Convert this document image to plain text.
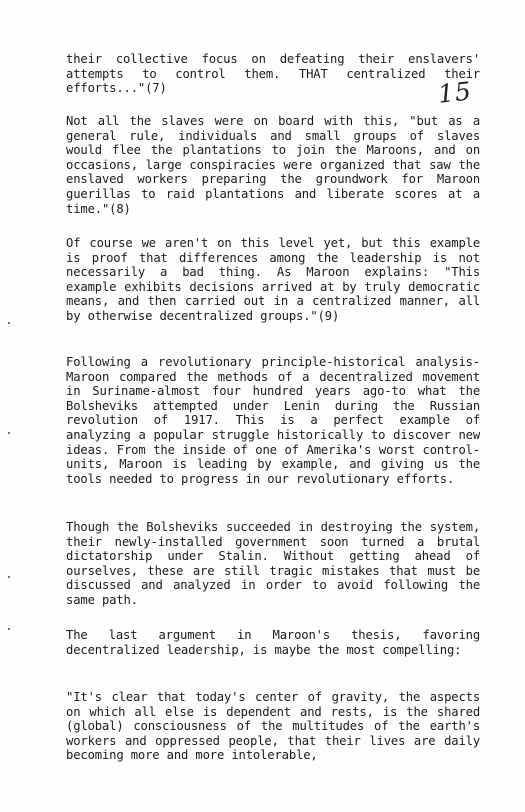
their collective focus on defeating their enslavers' attempts to control them. THAT centralized their efforts..."(7)	15

Not all the slaves were on board with this, "but as a general rule, individuals and small groups of slaves would flee the plantations to join the Maroons, and on occasions, large conspiracies were organized that saw the enslaved workers preparing the groundwork for Maroon guerillas to raid plantations and liberate scores at a time."(8)

Of course we aren't on this level yet, but this example is proof that differences among the leadership is not necessarily a bad thing. As Maroon explains: "This example exhibits decisions arrived at by truly democratic means, and then carried out in a centralized manner, all by otherwise decentralized groups."(9)

Following a revolutionary principle-historical analysis-Maroon compared the methods of a decentralized movement in Suriname-almost four hundred years ago-to what the Bolsheviks attempted under Lenin during the Russian revolution of 1917. This is a perfect example of analyzing a popular struggle historically to discover new ideas. From the inside of one of Amerika's worst control-units, Maroon is leading by example, and giving us the tools needed to progress in our revolutionary efforts.

Though the Bolsheviks succeeded in destroying the system, their newly-installed government soon turned a brutal dictatorship under Stalin. Without getting ahead of ourselves, these are still tragic mistakes that must be discussed and analyzed in order to avoid following the same path.

The last argument in Maroon's thesis, favoring decentralized leadership, is maybe the most compelling:

"It's clear that today's center of gravity, the aspects on which all else is dependent and rests, is the shared (global) consciousness of the multitudes of the earth's workers and oppressed people, that their lives are daily becoming more and more intolerable,
